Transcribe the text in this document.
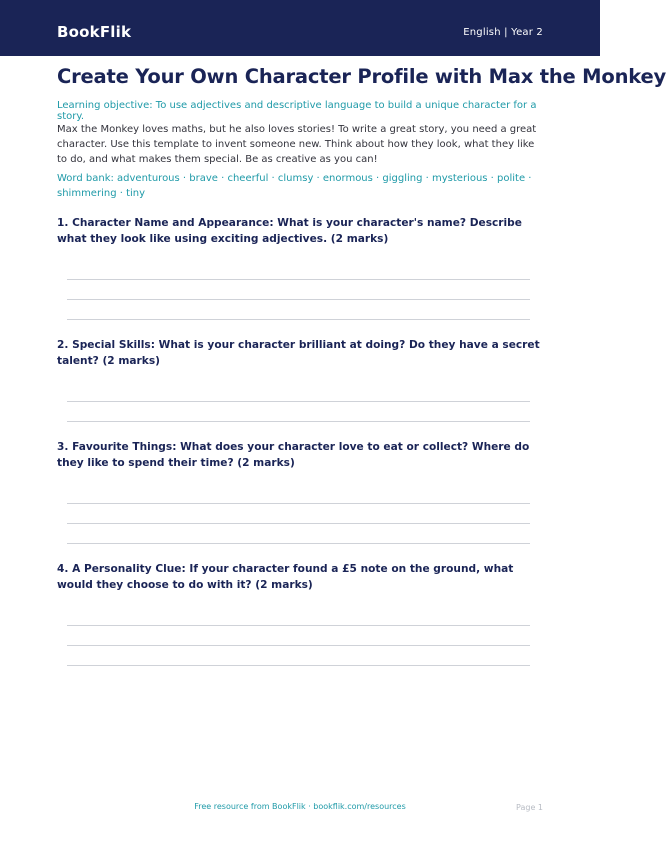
BookFlik	English | Year 2
Create Your Own Character Profile with Max the Monkey
Learning objective: To use adjectives and descriptive language to build a unique character for a story.
Max the Monkey loves maths, but he also loves stories! To write a great story, you need a great character. Use this template to invent someone new. Think about how they look, what they like to do, and what makes them special. Be as creative as you can!
Word bank: adventurous · brave · cheerful · clumsy · enormous · giggling · mysterious · polite · shimmering · tiny
1. Character Name and Appearance: What is your character's name? Describe what they look like using exciting adjectives. (2 marks)
2. Special Skills: What is your character brilliant at doing? Do they have a secret talent? (2 marks)
3. Favourite Things: What does your character love to eat or collect? Where do they like to spend their time? (2 marks)
4. A Personality Clue: If your character found a £5 note on the ground, what would they choose to do with it? (2 marks)
Free resource from BookFlik · bookflik.com/resources	Page 1
